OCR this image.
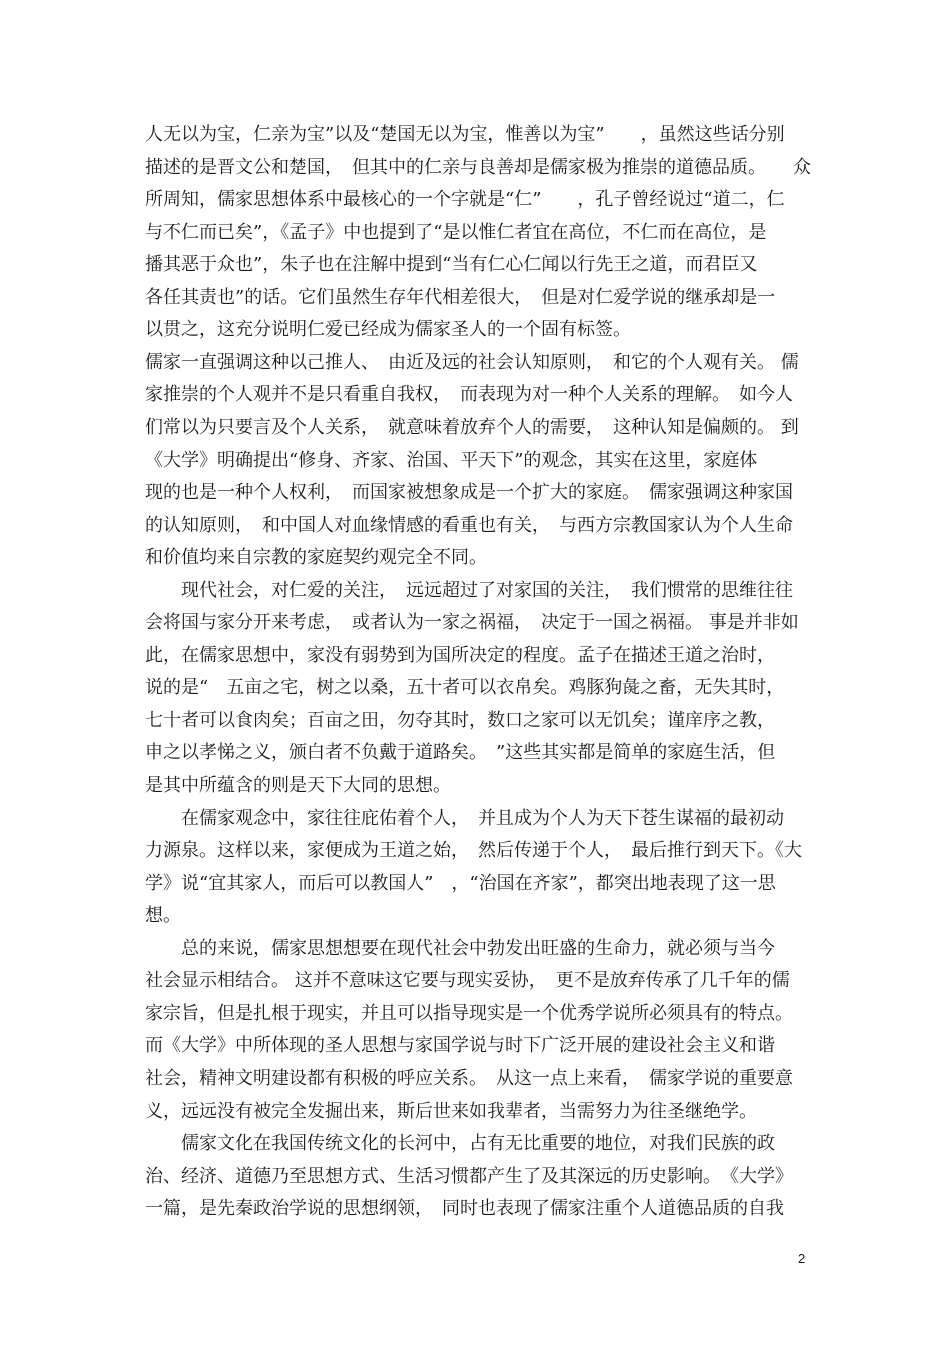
人无以为宝，仁亲为宝”以及“楚国无以为宝，惟善以为宝”　　，虽然这些话分别
描述的是晋文公和楚国，　但其中的仁亲与良善却是儒家极为推崇的道德品质。　　众
所周知，儒家思想体系中最核心的一个字就是“仁”　　，孔子曾经说过“道二，仁
与不仁而已矣”，《孟子》中也提到了“是以惟仁者宜在高位，不仁而在高位，是
播其恶于众也”，朱子也在注解中提到“当有仁心仁闻以行先王之道，而君臣又
各任其责也”的话。它们虽然生存年代相差很大，　但是对仁爱学说的继承却是一
以贯之，这充分说明仁爱已经成为儒家圣人的一个固有标签。
儒家一直强调这种以己推人、　由近及远的社会认知原则，　和它的个人观有关。 儒
家推崇的个人观并不是只看重自我权，　而表现为对一种个人关系的理解。　如今人
们常以为只要言及个人关系，　就意味着放弃个人的需要，　这种认知是偏颇的。 到
《大学》明确提出“修身、齐家、治国、平天下”的观念，其实在这里，家庭体
现的也是一种个人权利，　而国家被想象成是一个扩大的家庭。　儒家强调这种家国
的认知原则，　和中国人对血缘情感的看重也有关，　与西方宗教国家认为个人生命
和价值均来自宗教的家庭契约观完全不同。
　　现代社会，对仁爱的关注，　远远超过了对家国的关注，　我们惯常的思维往往
会将国与家分开来考虑，　或者认为一家之祸福，　决定于一国之祸福。 事是并非如
此，在儒家思想中，家没有弱势到为国所决定的程度。孟子在描述王道之治时，
说的是“　五亩之宅，树之以桑，五十者可以衣帛矣。鸡豚狗彘之畜，无失其时，
七十者可以食肉矣；百亩之田，勿夺其时，数口之家可以无饥矣；谨庠序之教，
申之以孝悌之义，颁白者不负戴于道路矣。　”这些其实都是简单的家庭生活，但
是其中所蕴含的则是天下大同的思想。
　　在儒家观念中，家往往庇佑着个人，　并且成为个人为天下苍生谋福的最初动
力源泉。这样以来，家便成为王道之始，　然后传递于个人，　最后推行到天下。《大
学》说“宜其家人，而后可以教国人”　，“治国在齐家”，都突出地表现了这一思
想。
　　总的来说，儒家思想想要在现代社会中勃发出旺盛的生命力，就必须与当今
社会显示相结合。 这并不意味这它要与现实妥协，　更不是放弃传承了几千年的儒
家宗旨，但是扎根于现实，并且可以指导现实是一个优秀学说所必须具有的特点。
而《大学》中所体现的圣人思想与家国学说与时下广泛开展的建设社会主义和谐
社会，精神文明建设都有积极的呼应关系。　从这一点上来看，　儒家学说的重要意
义，远远没有被完全发掘出来，斯后世来如我辈者，当需努力为往圣继绝学。
　　儒家文化在我国传统文化的长河中，占有无比重要的地位，对我们民族的政
治、经济、道德乃至思想方式、生活习惯都产生了及其深远的历史影响。　《大学》
一篇，是先秦政治学说的思想纲领，　同时也表现了儒家注重个人道德品质的自我
2
